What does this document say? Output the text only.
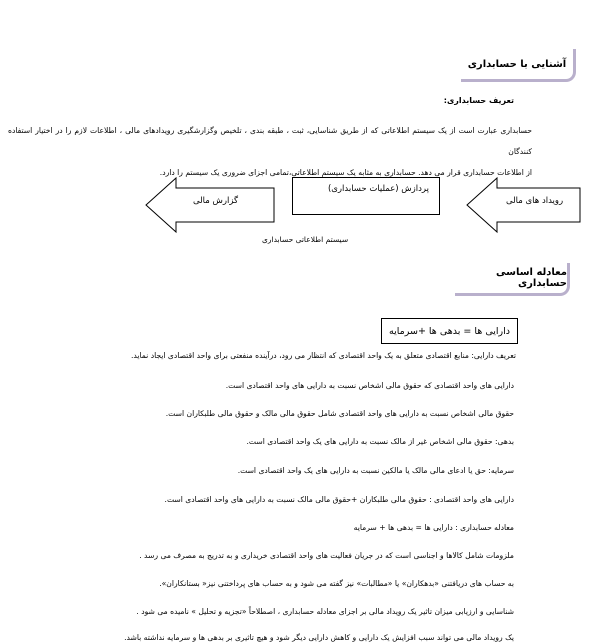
آشنایی با حسابداری
تعریف حسابداری:
حسابداری عبارت است از یک سیستم اطلاعاتی که از طریق شناسایی، ثبت ، طبقه بندی ، تلخیص وگزارشگیری رویدادهای مالی ، اطلاعات لازم را در اختیار استفاده کنندگان
از اطلاعات حسابداری قرار می دهد. حسابداری به مثابه یک سیستم اطلاعاتی،تمامی اجزای ضروری یک سیستم را دارد.
گزارش مالی	رویداد های مالی
پردازش (عملیات حسابداری)
سیستم اطلاعاتی حسابداری
معادله اساسی حسابداری
دارایی ها = بدهی ها +سرمایه
تعریف دارایی: منابع اقتصادی متعلق به یک واحد اقتصادی که انتظار می رود، درآینده منفعتی برای واحد اقتصادی ایجاد نماید.
دارایی های واحد اقتصادی که حقوق مالی اشخاص نسبت به دارایی های واحد اقتصادی است.
حقوق مالی اشخاص نسبت به دارایی های واحد اقتصادی شامل حقوق مالی مالک و حقوق مالی طلبکاران است.
بدهی: حقوق مالی اشخاص غیر از مالک نسبت به دارایی های یک واحد اقتصادی است.
سرمایه: حق یا ادعای مالی مالک یا مالکین نسبت به دارایی های یک واحد اقتصادی است.
دارایی های واحد اقتصادی : حقوق مالی طلبکاران +حقوق مالی مالک نسبت به دارایی های واحد اقتصادی است.
معادله حسابداری : دارایی ها = بدهی ها + سرمایه
ملزومات شامل کالاها و اجناسی است که در جریان فعالیت های واحد اقتصادی خریداری و به تدریج به مصرف می رسد .
به حساب های دریافتنی «بدهکاران» یا «مطالبات» نیز گفته می شود و به حساب های پرداختنی نیز« بستانکاران».
شناسایی و ارزیابی میزان تاثیر یک رویداد مالی بر اجزای معادله حسابداری ، اصطلاحاً «تجزیه و تحلیل » نامیده می شود .
یک رویداد مالی می تواند سبب افزایش یک دارایی و کاهش دارایی دیگر شود و هیچ تاثیری بر بدهی ها و سرمایه نداشته باشد.
